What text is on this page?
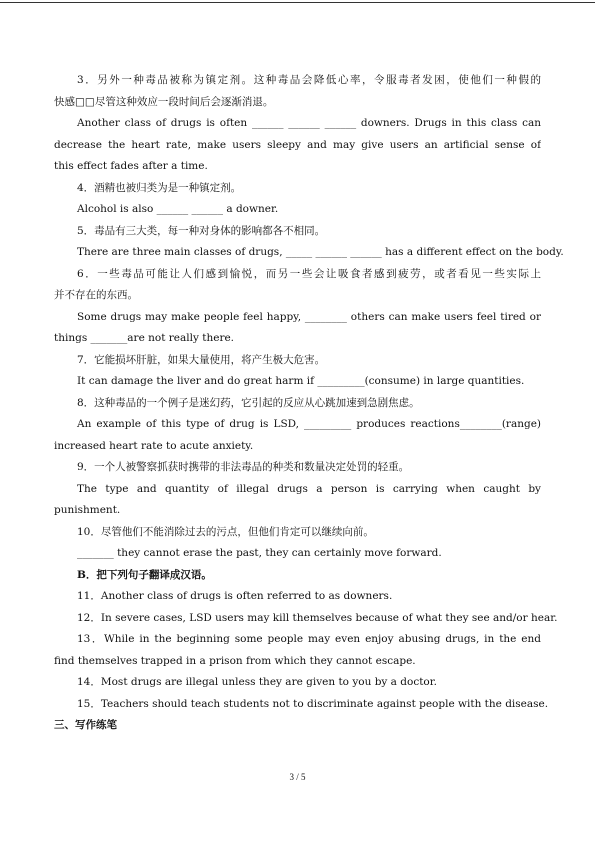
3．另外一种毒品被称为镇定剂。这种毒品会降低心率，令服毒者发困，使他们一种假的
快感□□尽管这种效应一段时间后会逐渐消退。
Another class of drugs is often ______ ______ ______ downers. Drugs in this class can
decrease the heart rate, make users sleepy and may give users an artificial sense of
this effect fades after a time.
4．酒精也被归类为是一种镇定剂。
Alcohol is also ______ ______ a downer.
5．毒品有三大类，每一种对身体的影响都各不相同。
There are three main classes of drugs, _____ ______ ______ has a different effect on the body.
6．一些毒品可能让人们感到愉悦，而另一些会让吸食者感到疲劳，或者看见一些实际上
并不存在的东西。
Some drugs may make people feel happy, ________ others can make users feel tired or
things _______are not really there.
7．它能损坏肝脏，如果大量使用，将产生极大危害。
It can damage the liver and do great harm if _________(consume) in large quantities.
8．这种毒品的一个例子是迷幻药，它引起的反应从心跳加速到急剧焦虑。
An example of this type of drug is LSD, _________ produces reactions________(range)
increased heart rate to acute anxiety.
9．一个人被警察抓获时携带的非法毒品的种类和数量决定处罚的轻重。
The type and quantity of illegal drugs a person is carrying when caught by
punishment.
10．尽管他们不能消除过去的污点，但他们肯定可以继续向前。
_______ they cannot erase the past, they can certainly move forward.
B．把下列句子翻译成汉语。
11．Another class of drugs is often referred to as downers.
12．In severe cases, LSD users may kill themselves because of what they see and/or hear.
13．While in the beginning some people may even enjoy abusing drugs, in the end
find themselves trapped in a prison from which they cannot escape.
14．Most drugs are illegal unless they are given to you by a doctor.
15．Teachers should teach students not to discriminate against people with the disease.
三、写作练笔
3 / 5
